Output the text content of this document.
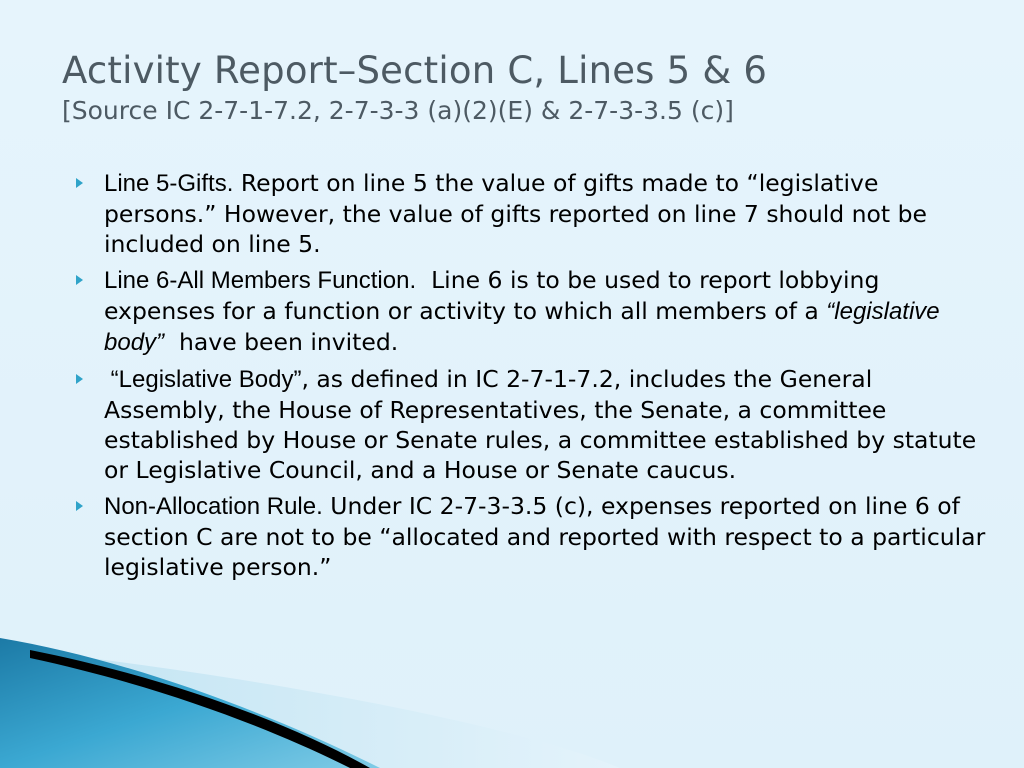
Activity Report–Section C, Lines 5 & 6
[Source IC 2-7-1-7.2, 2-7-3-3 (a)(2)(E) & 2-7-3-3.5 (c)]
Line 5-Gifts. Report on line 5 the value of gifts made to “legislative persons.” However, the value of gifts reported on line 7 should not be included on line 5.
Line 6-All Members Function.  Line 6 is to be used to report lobbying expenses for a function or activity to which all members of a “legislative body”  have been invited.
“Legislative Body”, as defined in IC 2-7-1-7.2, includes the General Assembly, the House of Representatives, the Senate, a committee established by House or Senate rules, a committee established by statute or Legislative Council, and a House or Senate caucus.
Non-Allocation Rule. Under IC 2-7-3-3.5 (c), expenses reported on line 6 of section C are not to be “allocated and reported with respect to a particular legislative person.”
